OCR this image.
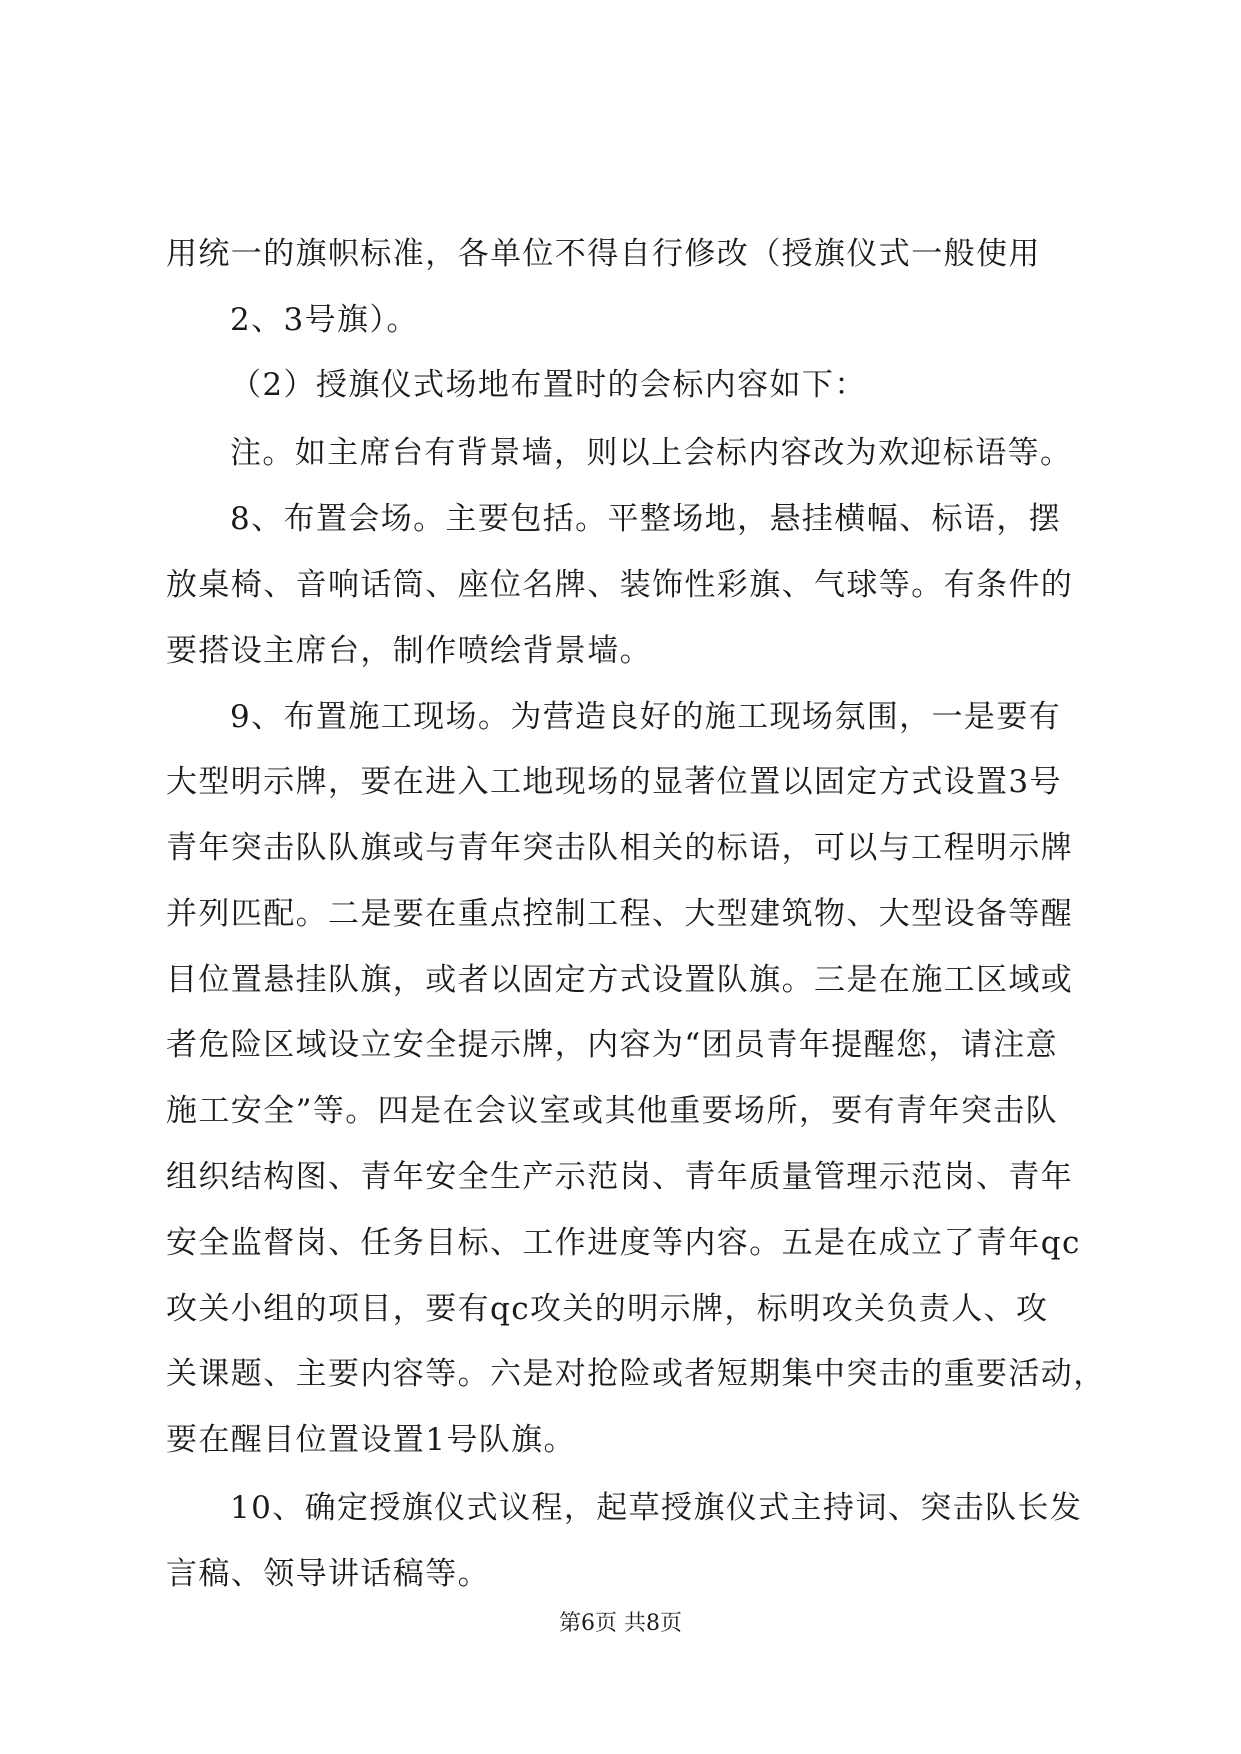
用统一的旗帜标准，各单位不得自行修改（授旗仪式一般使用
2、3号旗）。
（2）授旗仪式场地布置时的会标内容如下：
注。如主席台有背景墙，则以上会标内容改为欢迎标语等。
8、布置会场。主要包括。平整场地，悬挂横幅、标语，摆
放桌椅、音响话筒、座位名牌、装饰性彩旗、气球等。有条件的
要搭设主席台，制作喷绘背景墙。
9、布置施工现场。为营造良好的施工现场氛围，一是要有
大型明示牌，要在进入工地现场的显著位置以固定方式设置3号
青年突击队队旗或与青年突击队相关的标语，可以与工程明示牌
并列匹配。二是要在重点控制工程、大型建筑物、大型设备等醒
目位置悬挂队旗，或者以固定方式设置队旗。三是在施工区域或
者危险区域设立安全提示牌，内容为“团员青年提醒您，请注意
施工安全”等。四是在会议室或其他重要场所，要有青年突击队
组织结构图、青年安全生产示范岗、青年质量管理示范岗、青年
安全监督岗、任务目标、工作进度等内容。五是在成立了青年qc
攻关小组的项目，要有qc攻关的明示牌，标明攻关负责人、攻
关课题、主要内容等。六是对抢险或者短期集中突击的重要活动，
要在醒目位置设置1号队旗。
10、确定授旗仪式议程，起草授旗仪式主持词、突击队长发
言稿、领导讲话稿等。
第6页 共8页
